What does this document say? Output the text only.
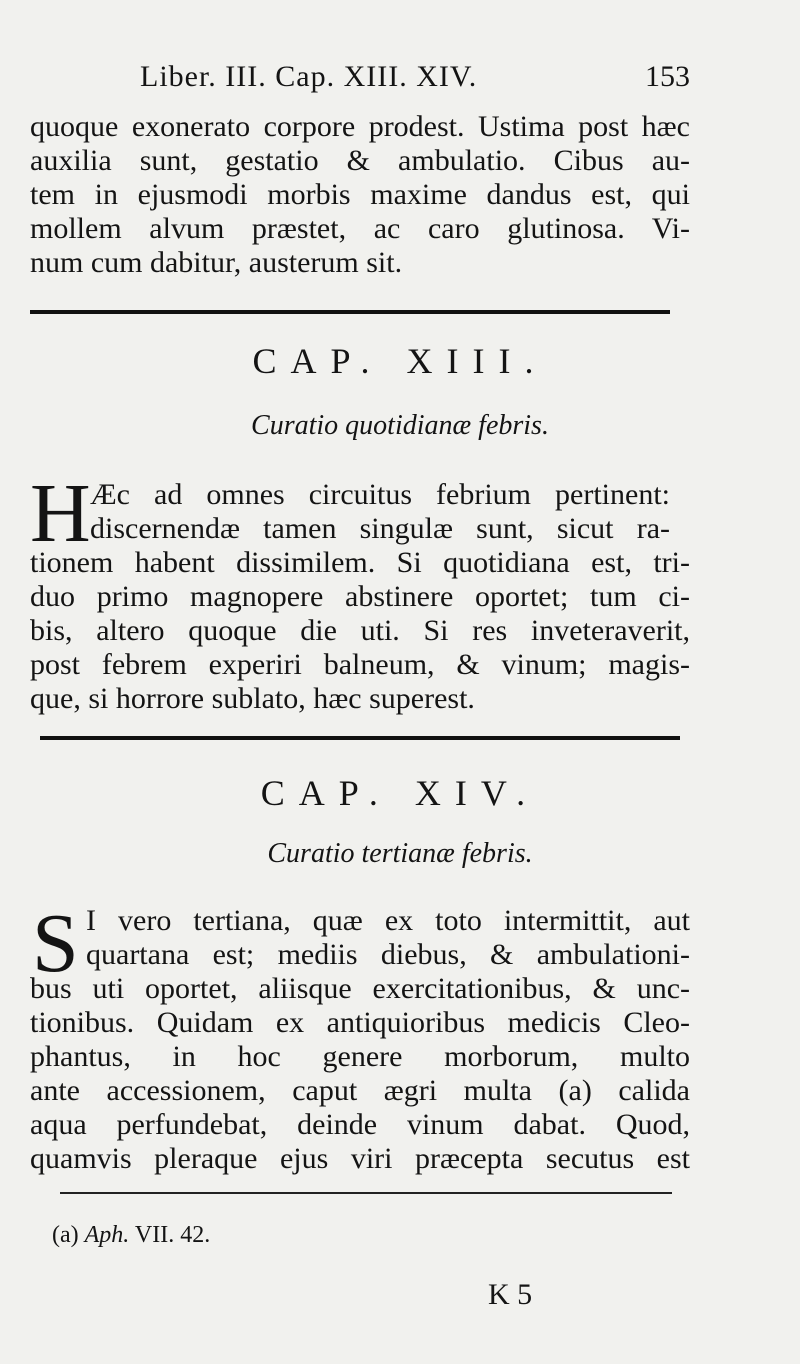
Liber. III. Cap. XIII. XIV.	153
quoque exonerato corpore prodest. Ustima post hæc
auxilia sunt, gestatio & ambulatio. Cibus au-
tem in ejusmodi morbis maxime dandus est, qui
mollem alvum præstet, ac caro glutinosa. Vi-
num cum dabitur, austerum sit.
CAP. XIII.
Curatio quotidianæ febris.
H Æc ad omnes circuitus febrium pertinent:
discernendæ tamen singulæ sunt, sicut ra-
tionem habent dissimilem. Si quotidiana est, tri-
duo primo magnopere abstinere oportet; tum ci-
bis, altero quoque die uti. Si res inveteraverit,
post febrem experiri balneum, & vinum; magis-
que, si horrore sublato, hæc superest.
CAP. XIV.
Curatio tertianæ febris.
S I vero tertiana, quæ ex toto intermittit, aut
quartana est; mediis diebus, & ambulationi-
bus uti oportet, aliisque exercitationibus, & unc-
tionibus. Quidam ex antiquioribus medicis Cleo-
phantus, in hoc genere morborum, multo
ante accessionem, caput ægri multa (a) calida
aqua perfundebat, deinde vinum dabat. Quod,
quamvis pleraque ejus viri præcepta secutus est
(a) Aph. VII. 42.
K 5
